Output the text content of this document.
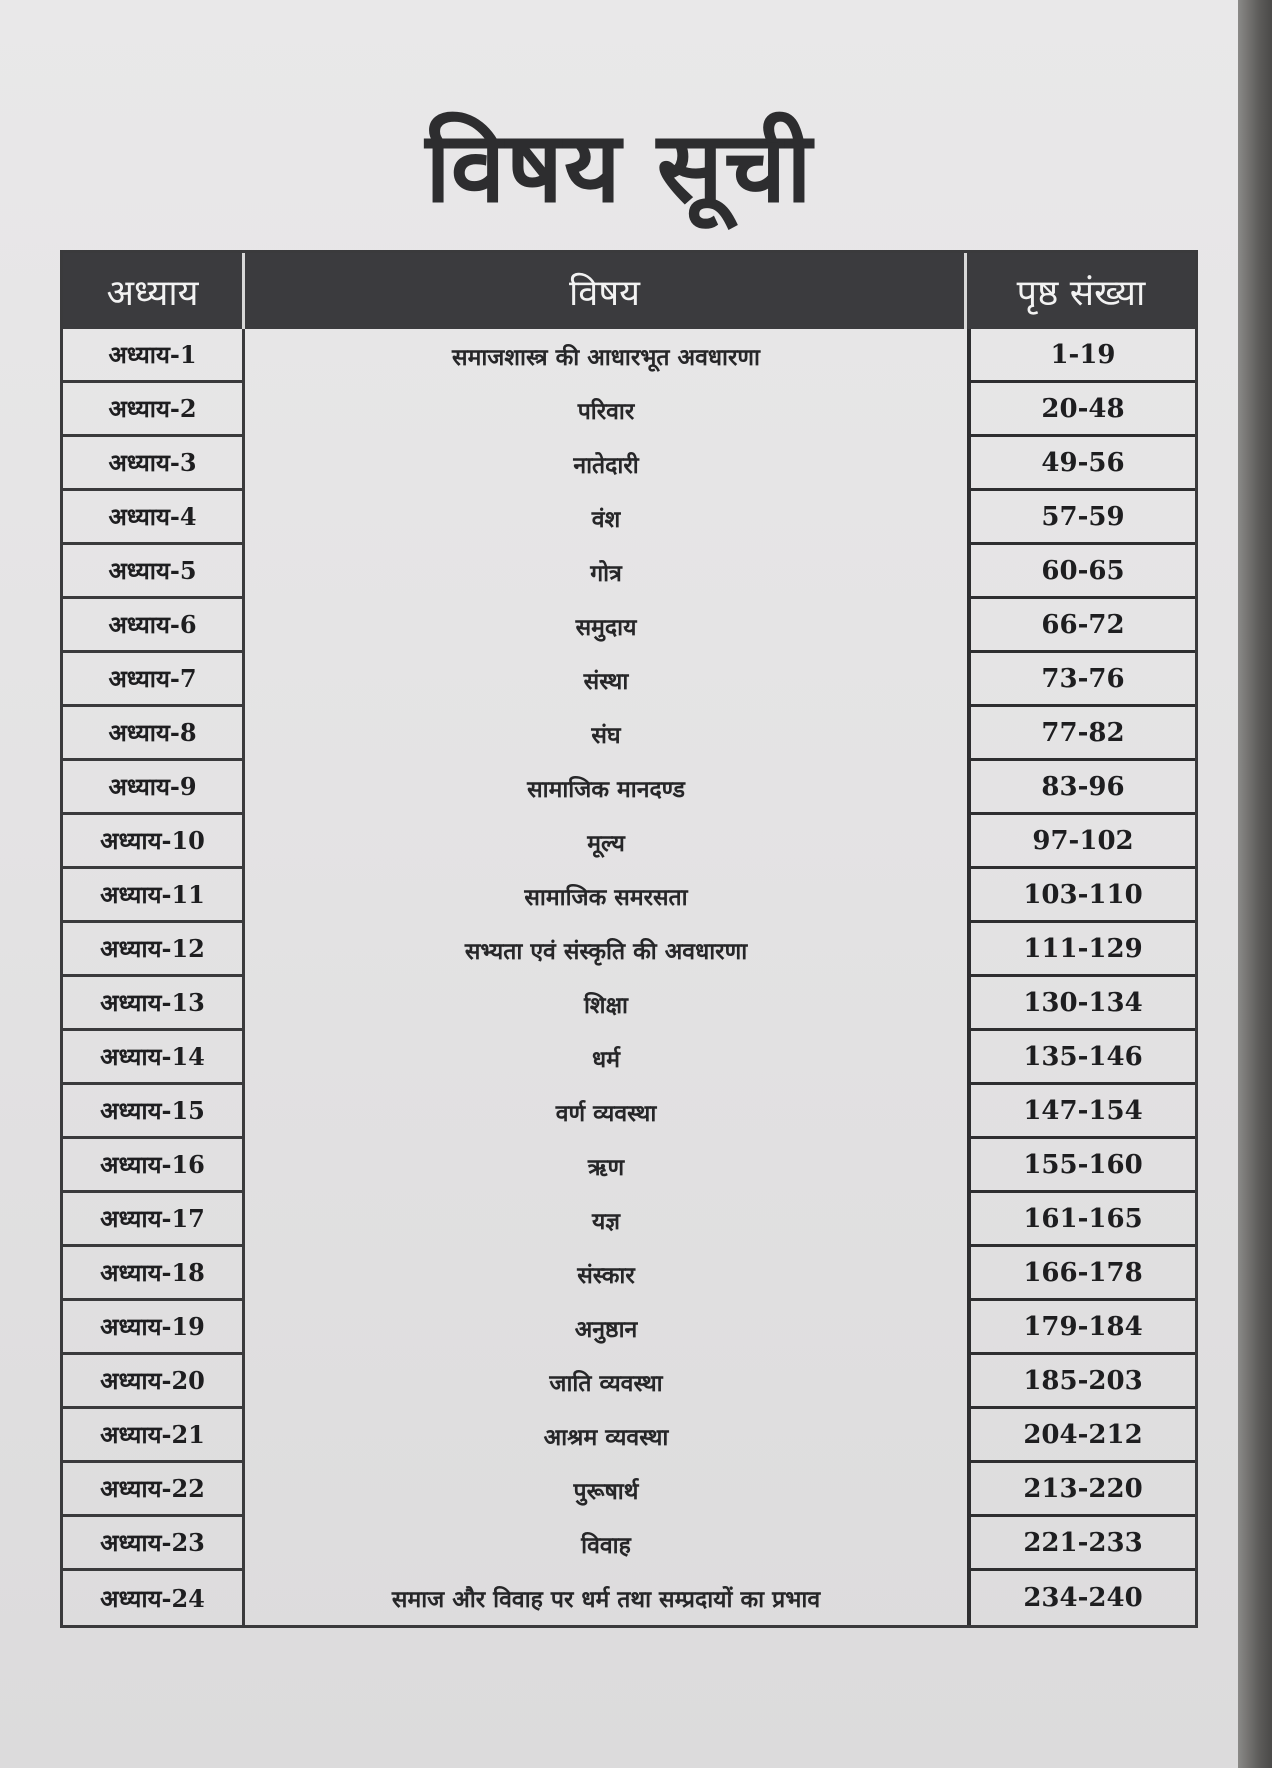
विषय सूची
अध्याय	विषय	पृष्ठ संख्या
अध्याय-1	समाजशास्त्र की आधारभूत अवधारणा	1-19
अध्याय-2	परिवार	20-48
अध्याय-3	नातेदारी	49-56
अध्याय-4	वंश	57-59
अध्याय-5	गोत्र	60-65
अध्याय-6	समुदाय	66-72
अध्याय-7	संस्था	73-76
अध्याय-8	संघ	77-82
अध्याय-9	सामाजिक मानदण्ड	83-96
अध्याय-10	मूल्य	97-102
अध्याय-11	सामाजिक समरसता	103-110
अध्याय-12	सभ्यता एवं संस्कृति की अवधारणा	111-129
अध्याय-13	शिक्षा	130-134
अध्याय-14	धर्म	135-146
अध्याय-15	वर्ण व्यवस्था	147-154
अध्याय-16	ऋण	155-160
अध्याय-17	यज्ञ	161-165
अध्याय-18	संस्कार	166-178
अध्याय-19	अनुष्ठान	179-184
अध्याय-20	जाति व्यवस्था	185-203
अध्याय-21	आश्रम व्यवस्था	204-212
अध्याय-22	पुरूषार्थ	213-220
अध्याय-23	विवाह	221-233
अध्याय-24	समाज और विवाह पर धर्म तथा सम्प्रदायों का प्रभाव	234-240
